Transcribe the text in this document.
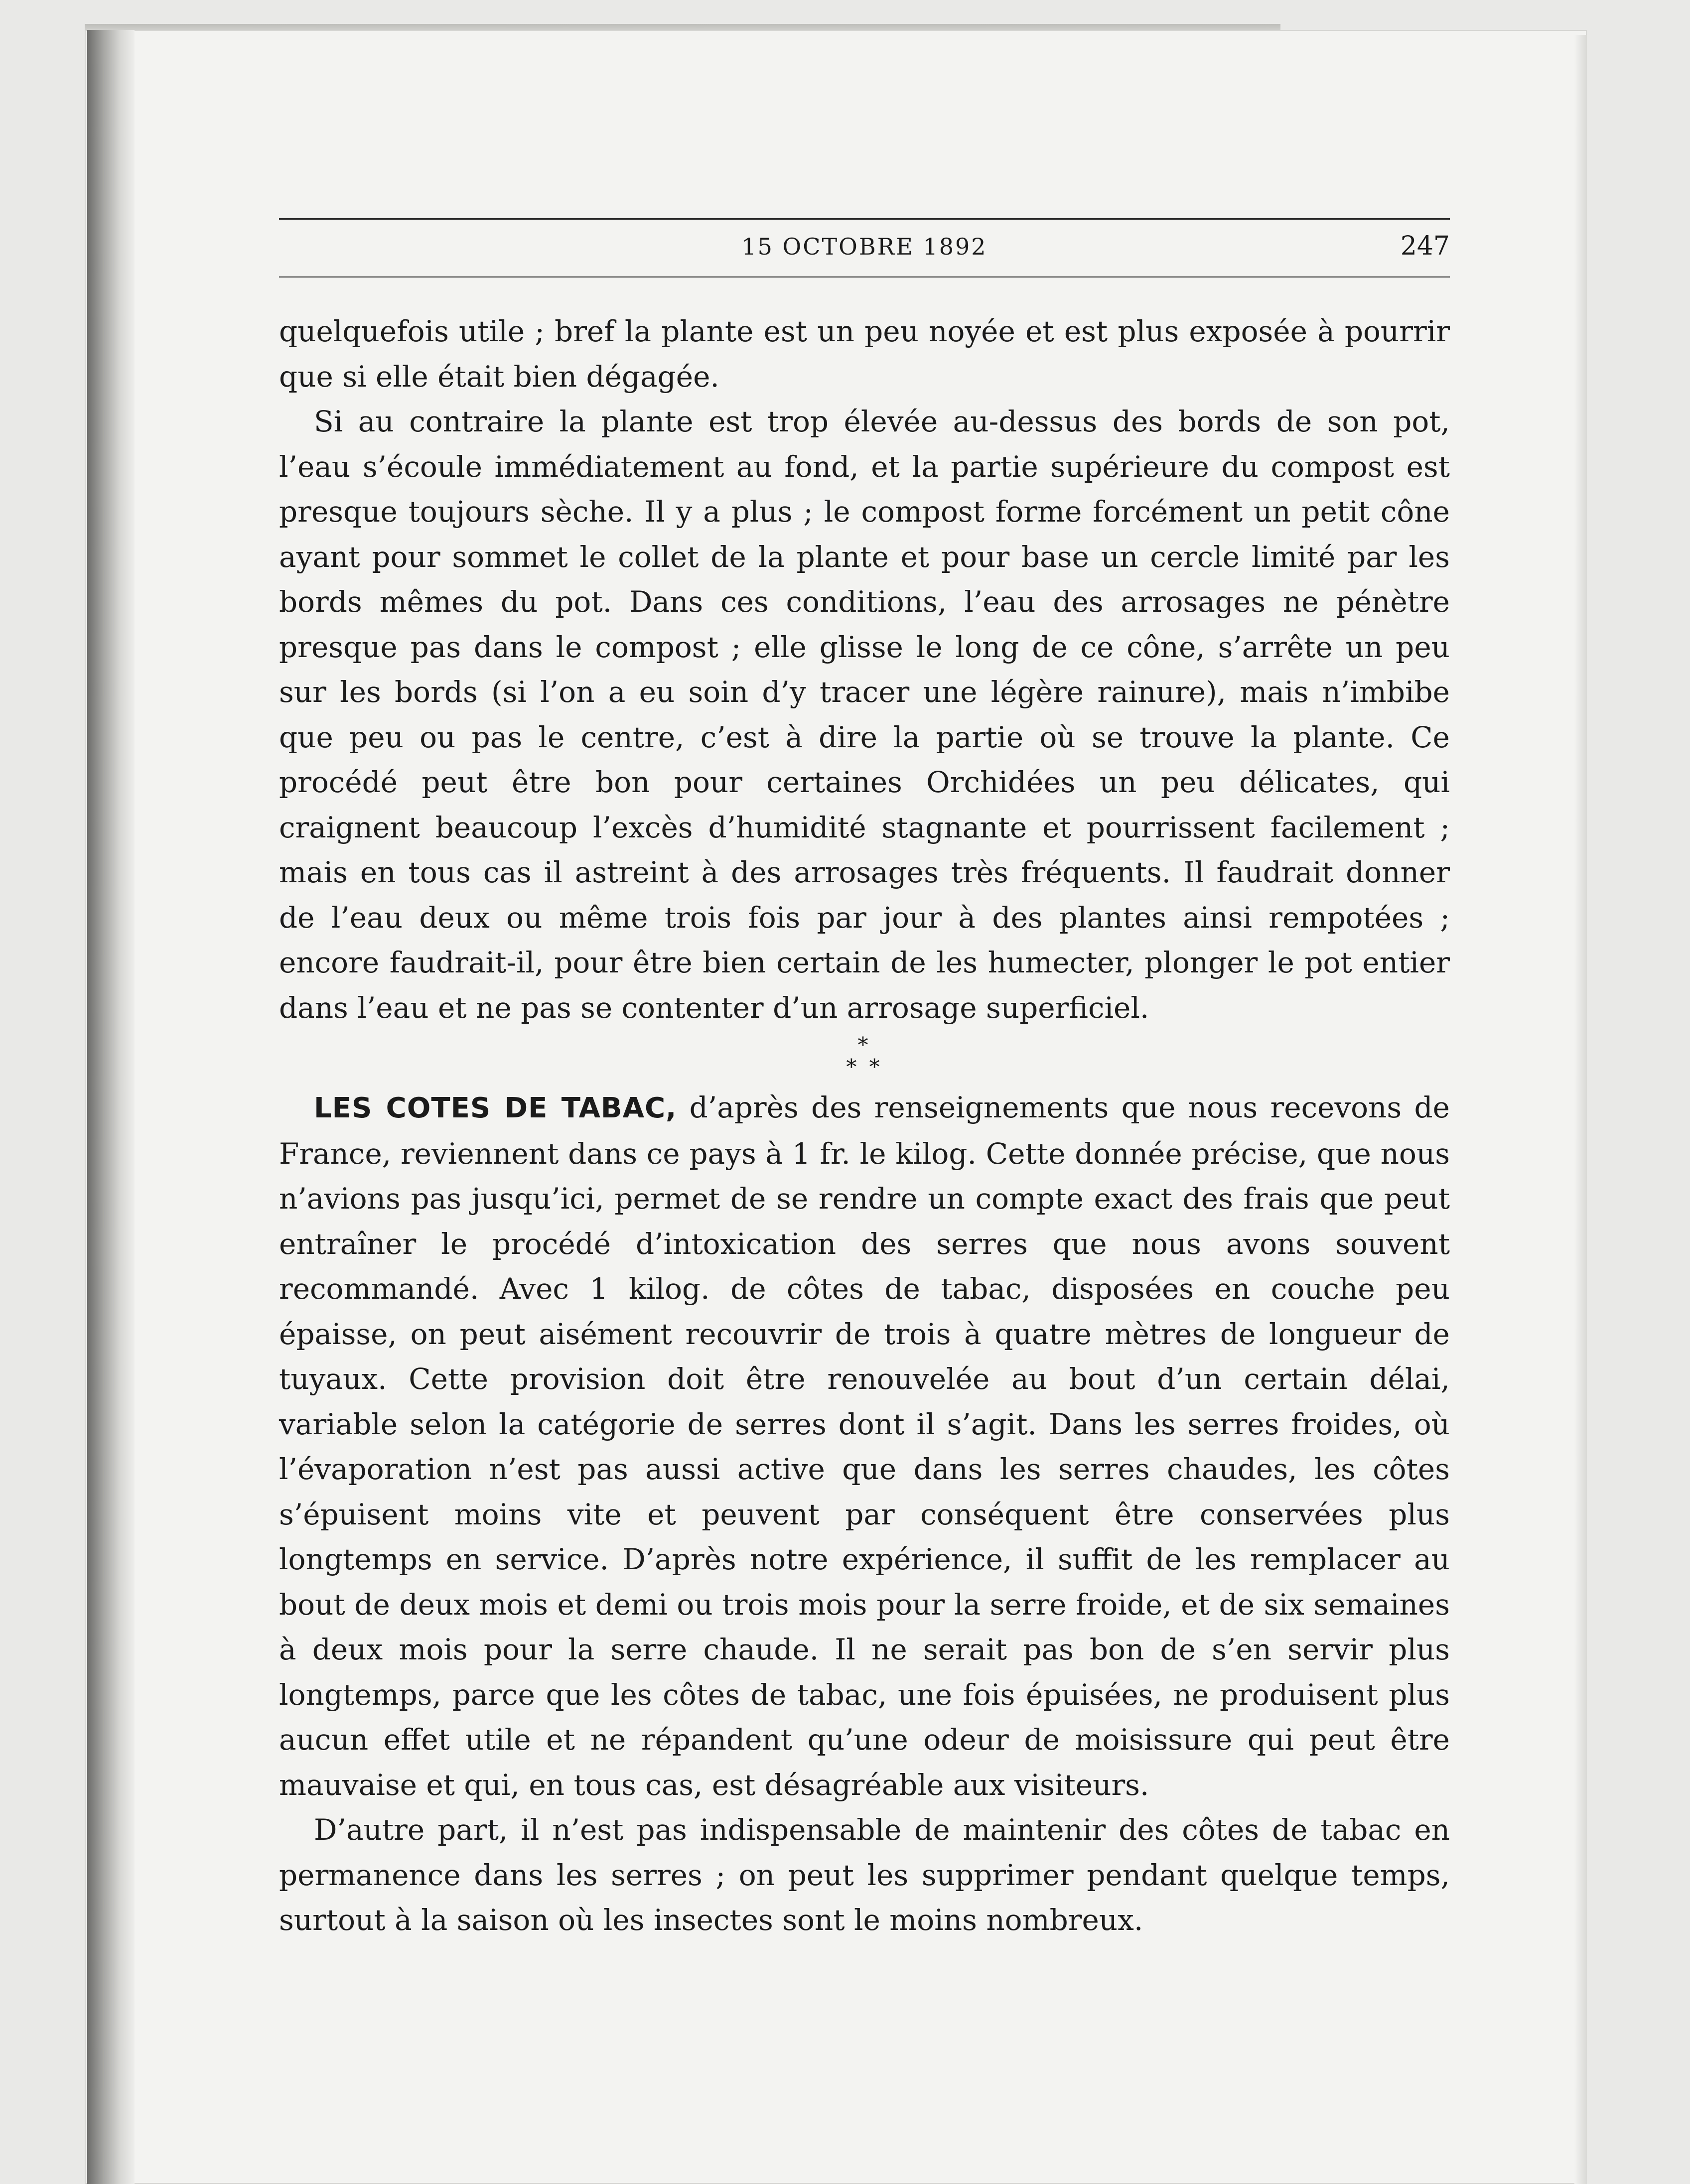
15 OCTOBRE 1892	247

quelquefois utile ; bref la plante est un peu noyée et est plus exposée à pourrir que si elle était bien dégagée.

Si au contraire la plante est trop élevée au-dessus des bords de son pot, l’eau s’écoule immédiatement au fond, et la partie supérieure du compost est presque toujours sèche. Il y a plus ; le compost forme forcément un petit cône ayant pour sommet le collet de la plante et pour base un cercle limité par les bords mêmes du pot. Dans ces conditions, l’eau des arrosages ne pénètre presque pas dans le compost ; elle glisse le long de ce cône, s’arrête un peu sur les bords (si l’on a eu soin d’y tracer une légère rainure), mais n’imbibe que peu ou pas le centre, c’est à dire la partie où se trouve la plante. Ce procédé peut être bon pour certaines Orchidées un peu délicates, qui craignent beaucoup l’excès d’humidité stagnante et pourrissent facilement ; mais en tous cas il astreint à des arrosages très fréquents. Il faudrait donner de l’eau deux ou même trois fois par jour à des plantes ainsi rempotées ; encore faudrait-il, pour être bien certain de les humecter, plonger le pot entier dans l’eau et ne pas se contenter d’un arrosage superficiel.

*
* *

LES COTES DE TABAC, d’après des renseignements que nous recevons de France, reviennent dans ce pays à 1 fr. le kilog. Cette donnée précise, que nous n’avions pas jusqu’ici, permet de se rendre un compte exact des frais que peut entraîner le procédé d’intoxication des serres que nous avons souvent recommandé. Avec 1 kilog. de côtes de tabac, disposées en couche peu épaisse, on peut aisément recouvrir de trois à quatre mètres de longueur de tuyaux. Cette provision doit être renouvelée au bout d’un certain délai, variable selon la catégorie de serres dont il s’agit. Dans les serres froides, où l’évaporation n’est pas aussi active que dans les serres chaudes, les côtes s’épuisent moins vite et peuvent par conséquent être conservées plus longtemps en service. D’après notre expérience, il suffit de les remplacer au bout de deux mois et demi ou trois mois pour la serre froide, et de six semaines à deux mois pour la serre chaude. Il ne serait pas bon de s’en servir plus longtemps, parce que les côtes de tabac, une fois épuisées, ne produisent plus aucun effet utile et ne répandent qu’une odeur de moisissure qui peut être mauvaise et qui, en tous cas, est désagréable aux visiteurs.

D’autre part, il n’est pas indispensable de maintenir des côtes de tabac en permanence dans les serres ; on peut les supprimer pendant quelque temps, surtout à la saison où les insectes sont le moins nombreux.
